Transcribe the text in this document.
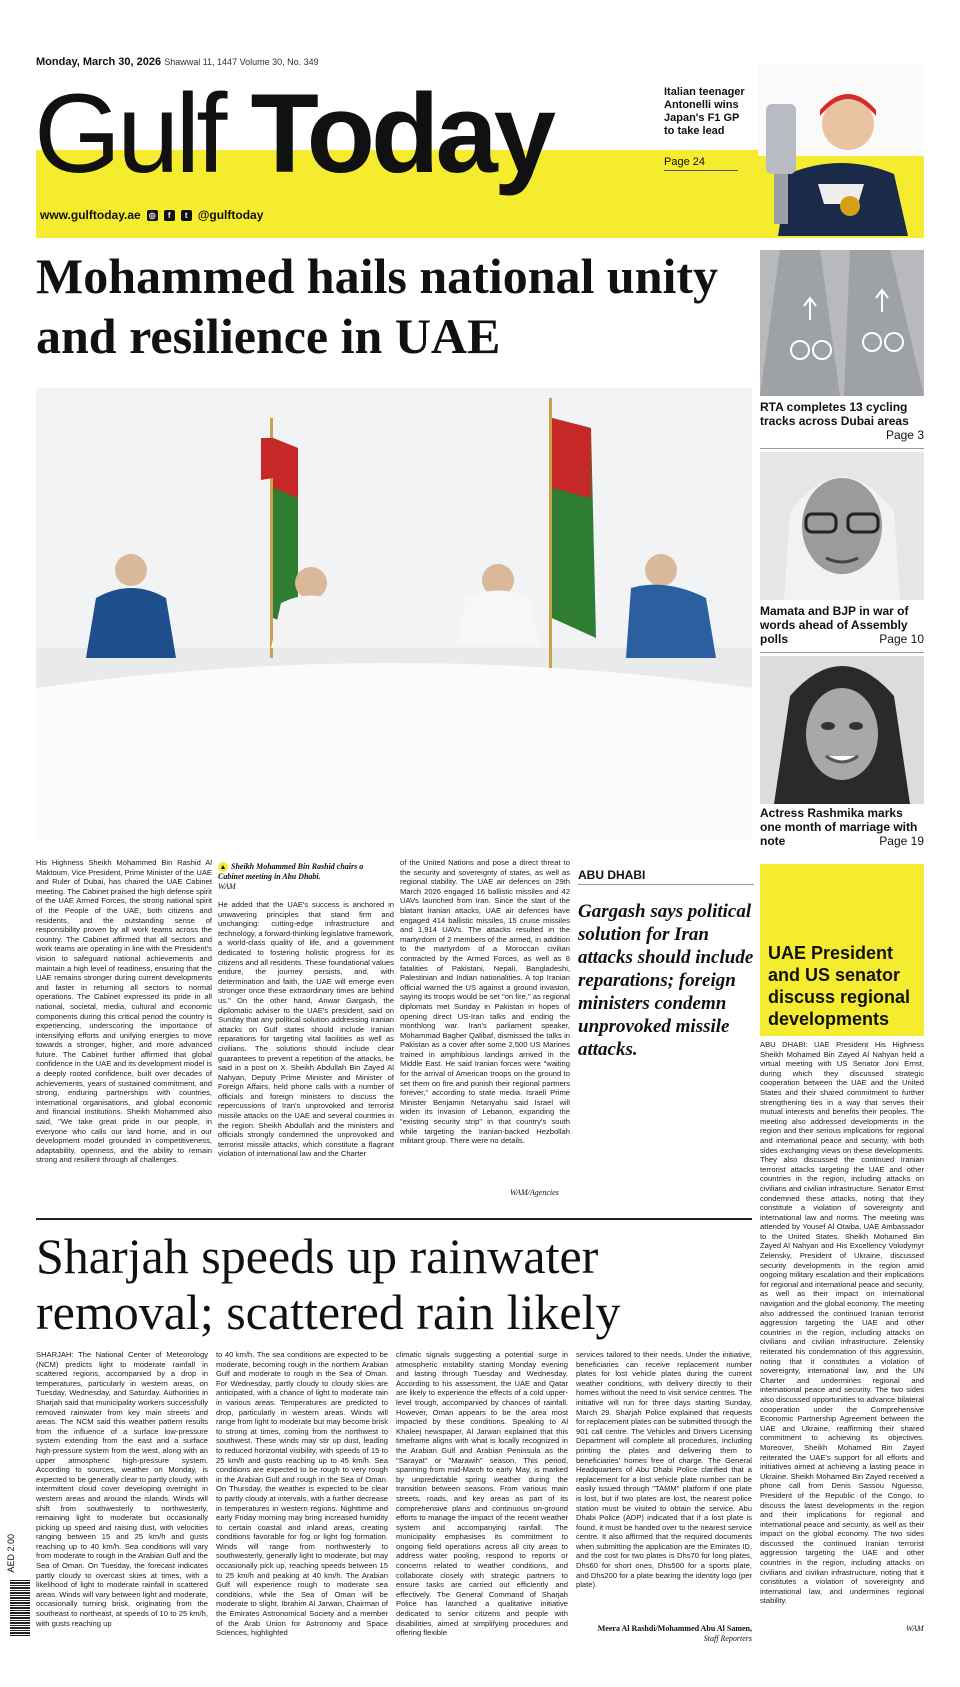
Monday, March 30, 2026 Shawwal 11, 1447 Volume 30, No. 349
Gulf Today
www.gulftoday.ae ◎	f	t @gulftoday
Italian teenager Antonelli wins Japan's F1 GP to take lead
Page 24
Mohammed hails national unity and resilience in UAE
His Highness Sheikh Mohammed Bin Rashid Al Maktoum, Vice President, Prime Minister of the UAE and Ruler of Dubai, has chaired the UAE Cabinet meeting. The Cabinet praised the high defense spirit of the UAE Armed Forces, the strong national spirit of the People of the UAE, both citizens and residents, and the outstanding sense of responsibility proven by all work teams across the country. The Cabinet affirmed that all sectors and work teams are operating in line with the President's vision to safeguard national achievements and maintain a high level of readiness, ensuring that the UAE remains stronger during current developments and faster in returning all sectors to normal operations. The Cabinet expressed its pride in all national, societal, media, cultural and economic components during this critical period the country is experiencing, underscoring the importance of intensifying efforts and unifying energies to move towards a stronger, higher, and more advanced future. The Cabinet further affirmed that global confidence in the UAE and its development model is a deeply rooted confidence, built over decades of achievements, years of sustained commitment, and strong, enduring partnerships with countries, international organisations, and global economic and financial institutions. Sheikh Mohammed also said, "We take great pride in our people, in everyone who calls our land home, and in our development model grounded in competitiveness, adaptability, openness, and the ability to remain strong and resilient through all challenges.
▲ Sheikh Mohammed Bin Rashid chairs a Cabinet meeting in Abu Dhabi.
WAM
He added that the UAE's success is anchored in unwavering principles that stand firm and unchanging: cutting-edge infrastructure and technology, a forward-thinking legislative framework, a world-class quality of life, and a government dedicated to fostering holistic progress for its citizens and all residents. These foundational values endure, the journey persists, and, with determination and faith, the UAE will emerge even stronger once these extraordinary times are behind us." On the other hand, Anwar Gargash, the diplomatic adviser to the UAE's president, said on Sunday that any political solution addressing Iranian attacks on Gulf states should include Iranian reparations for targeting vital facilities as well as civilians. The solutions should include clear guarantees to prevent a repetition of the attacks, he said in a post on X. Sheikh Abdullah Bin Zayed Al Nahyan, Deputy Prime Minister and Minister of Foreign Affairs, held phone calls with a number of officials and foreign ministers to discuss the repercussions of Iran's unprovoked and terrorist missile attacks on the UAE and several countries in the region. Sheikh Abdullah and the ministers and officials strongly condemned the unprovoked and terrorist missile attacks, which constitute a flagrant violation of international law and the Charter
of the United Nations and pose a direct threat to the security and sovereignty of states, as well as regional stability. The UAE air defences on 29th March 2026 engaged 16 ballistic missiles and 42 UAVs launched from Iran. Since the start of the blatant Iranian attacks, UAE air defences have engaged 414 ballistic missiles, 15 cruise missiles and 1,914 UAVs. The attacks resulted in the martyrdom of 2 members of the armed, in addition to the martyrdom of a Moroccan civilian contracted by the Armed Forces, as well as 8 fatalities of Pakistani, Nepali, Bangladeshi, Palestinian and Indian nationalities. A top Iranian official warned the US against a ground invasion, saying its troops would be set "on fire," as regional diplomats met Sunday in Pakistan in hopes of opening direct US-Iran talks and ending the monthlong war. Iran's parliament speaker, Mohammad Bagher Qalibaf, dismissed the talks in Pakistan as a cover after some 2,500 US Marines trained in amphibious landings arrived in the Middle East. He said Iranian forces were "waiting for the arrival of American troops on the ground to set them on fire and punish their regional partners forever," according to state media. Israeli Prime Minister Benjamin Netanyahu said Israel will widen its invasion of Lebanon, expanding the "existing security strip" in that country's south while targeting the Iranian-backed Hezbollah militant group. There were no details.
WAM/Agencies
ABU DHABI
Gargash says political solution for Iran attacks should include reparations; foreign ministers condemn unprovoked missile attacks.
RTA completes 13 cycling tracks across Dubai areas
Page 3
Mamata and BJP in war of words ahead of Assembly polls	Page 10
Actress Rashmika marks one month of marriage with note	Page 19
UAE President and US senator discuss regional developments
ABU DHABI: UAE President His Highness Sheikh Mohamed Bin Zayed Al Nahyan held a virtual meeting with US Senator Joni Ernst, during which they discussed strategic cooperation between the UAE and the United States and their shared commitment to further strengthening ties in a way that serves their mutual interests and benefits their peoples. The meeting also addressed developments in the region and their serious implications for regional and international peace and security, with both sides exchanging views on these developments. They also discussed the continued Iranian terrorist attacks targeting the UAE and other countries in the region, including attacks on civilians and civilian infrastructure. Senator Ernst condemned these attacks, noting that they constitute a violation of sovereignty and international law and norms. The meeting was attended by Yousef Al Otaiba, UAE Ambassador to the United States. Sheikh Mohamed Bin Zayed Al Nahyan and His Excellency Volodymyr Zelensky, President of Ukraine, discussed security developments in the region amid ongoing military escalation and their implications for regional and international peace and security, as well as their impact on international navigation and the global economy. The meeting also addressed the continued Iranian terrorist aggression targeting the UAE and other countries in the region, including attacks on civilians and civilian infrastructure. Zelensky reiterated his condemnation of this aggression, noting that it constitutes a violation of sovereignty, international law, and the UN Charter and undermines regional and international peace and security. The two sides also discussed opportunities to advance bilateral cooperation under the Comprehensive Economic Partnership Agreement between the UAE and Ukraine, reaffirming their shared commitment to achieving its objectives. Moreover, Sheikh Mohamed Bin Zayed reiterated the UAE's support for all efforts and initiatives aimed at achieving a lasting peace in Ukraine. Sheikh Mohamed Bin Zayed received a phone call from Denis Sassou Nguesso, President of the Republic of the Congo, to discuss the latest developments in the region and their implications for regional and international peace and security, as well as their impact on the global economy. The two sides discussed the continued Iranian terrorist aggression targeting the UAE and other countries in the region, including attacks on civilians and civilian infrastructure, noting that it constitutes a violation of sovereignty and international law, and undermines regional stability.
WAM
Sharjah speeds up rainwater removal; scattered rain likely
SHARJAH: The National Center of Meteorology (NCM) predicts light to moderate rainfall in scattered regions, accompanied by a drop in temperatures, particularly in western areas, on Tuesday, Wednesday, and Saturday. Authorities in Sharjah said that municipality workers successfully removed rainwater from key main streets and areas. The NCM said this weather pattern results from the influence of a surface low-pressure system extending from the east and a surface high-pressure system from the west, along with an upper atmospheric high-pressure system. According to sources, weather on Monday, is expected to be generally clear to partly cloudy, with intermittent cloud cover developing overnight in western areas and around the islands. Winds will shift from southwesterly to northwesterly, remaining light to moderate but occasionally picking up speed and raising dust, with velocities ranging between 15 and 25 km/h and gusts reaching up to 40 km/h. Sea conditions will vary from moderate to rough in the Arabian Gulf and the Sea of Oman. On Tuesday, the forecast indicates partly cloudy to overcast skies at times, with a likelihood of light to moderate rainfall in scattered areas. Winds will vary between light and moderate, occasionally turning brisk, originating from the southeast to northeast, at speeds of 10 to 25 km/h, with gusts reaching up
to 40 km/h. The sea conditions are expected to be moderate, becoming rough in the northern Arabian Gulf and moderate to rough in the Sea of Oman. For Wednesday, partly cloudy to cloudy skies are anticipated, with a chance of light to moderate rain in various areas. Temperatures are predicted to drop, particularly in western areas. Winds will range from light to moderate but may become brisk to strong at times, coming from the northwest to southwest. These winds may stir up dust, leading to reduced horizontal visibility, with speeds of 15 to 25 km/h and gusts reaching up to 45 km/h. Sea conditions are expected to be rough to very rough in the Arabian Gulf and rough in the Sea of Oman. On Thursday, the weather is expected to be clear to partly cloudy at intervals, with a further decrease in temperatures in western regions. Nighttime and early Friday morning may bring increased humidity to certain coastal and inland areas, creating conditions favorable for fog or light fog formation. Winds will range from northwesterly to southwesterly, generally light to moderate, but may occasionally pick up, reaching speeds between 15 to 25 km/h and peaking at 40 km/h. The Arabian Gulf will experience rough to moderate sea conditions, while the Sea of Oman will be moderate to slight. Ibrahim Al Jarwan, Chairman of the Emirates Astronomical Society and a member of the Arab Union for Astronomy and Space Sciences, highlighted
climatic signals suggesting a potential surge in atmospheric instability starting Monday evening and lasting through Tuesday and Wednesday. According to his assessment, the UAE and Qatar are likely to experience the effects of a cold upper-level trough, accompanied by chances of rainfall. However, Oman appears to be the area most impacted by these conditions. Speaking to Al Khaleej newspaper, Al Jarwan explained that this timeframe aligns with what is locally recognized in the Arabian Gulf and Arabian Peninsula as the "Sarayat" or "Marawih" season. This period, spanning from mid-March to early May, is marked by unpredictable spring weather during the transition between seasons. From various main streets, roads, and key areas as part of its comprehensive plans and continuous on-ground efforts to manage the impact of the recent weather system and accompanying rainfall. The municipality emphasises its commitment to ongoing field operations across all city areas to address water pooling, respond to reports or concerns related to weather conditions, and collaborate closely with strategic partners to ensure tasks are carried out efficiently and effectively. The General Command of Sharjah Police has launched a qualitative initiative dedicated to senior citizens and people with disabilities, aimed at simplifying procedures and offering flexible
services tailored to their needs. Under the initiative, beneficiaries can receive replacement number plates for lost vehicle plates during the current weather conditions, with delivery directly to their homes without the need to visit service centres. The initiative will run for three days starting Sunday, March 29. Sharjah Police explained that requests for replacement plates can be submitted through the 901 call centre. The Vehicles and Drivers Licensing Department will complete all procedures, including printing the plates and delivering them to beneficiaries' homes free of charge. The General Headquarters of Abu Dhabi Police clarified that a replacement for a lost vehicle plate number can be easily issued through "TAMM" platform if one plate is lost, but if two plates are lost, the nearest police station must be visited to obtain the service. Abu Dhabi Police (ADP) indicated that if a lost plate is found, it must be handed over to the nearest service centre. It also affirmed that the required documents when submitting the application are the Emirates ID, and the cost for two plates is Dhs70 for long plates, Dhs60 for short ones, Dhs500 for a sports plate, and Dhs200 for a plate bearing the identity logo (per plate).
Meera Al Rashdi/Mohammed Abu Al Samen,
Staff Reporters
AED 2.00
